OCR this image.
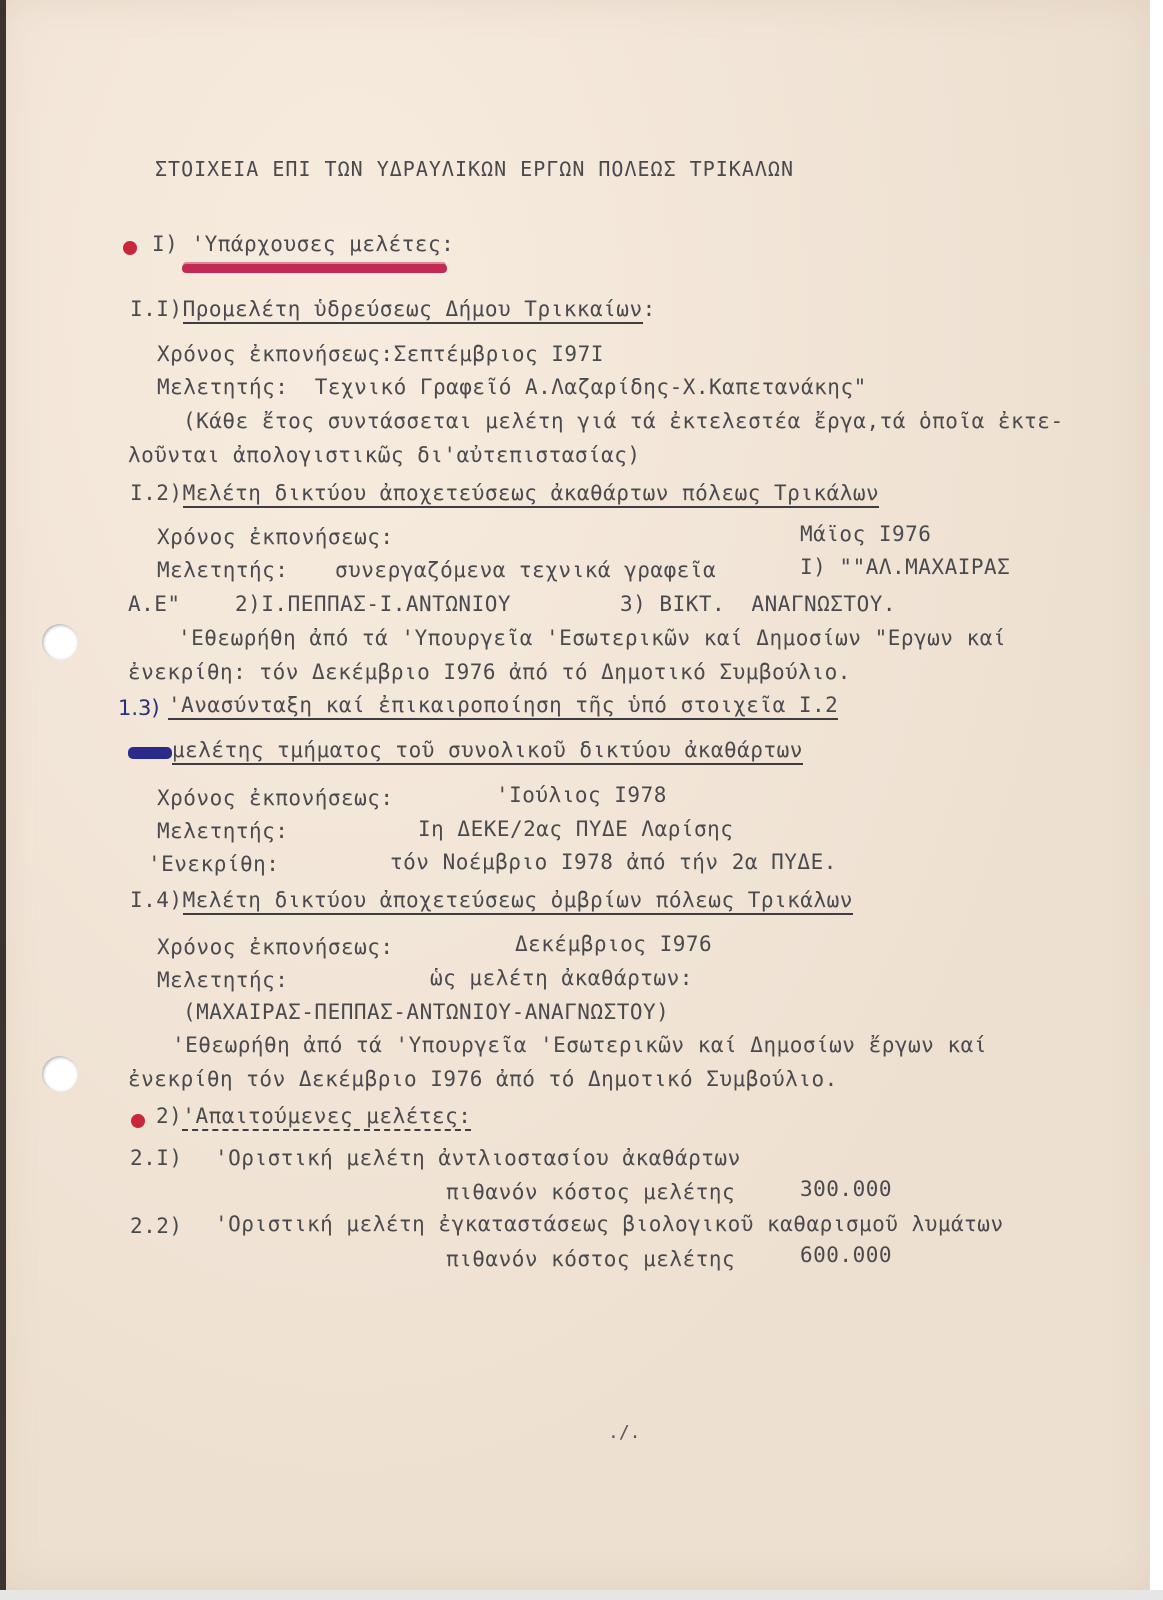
ΣΤΟΙΧΕΙΑ ΕΠΙ ΤΩΝ ΥΔΡΑΥΛΙΚΩΝ ΕΡΓΩΝ ΠΟΛΕΩΣ ΤΡΙΚΑΛΩΝ
I) 'Υπάρχουσες μελέτες:
I.I)Προμελέτη ὑδρεύσεως Δήμου Τρικκαίων:
Χρόνος ἐκπονήσεως:Σεπτέμβριος I97I
Μελετητής:  Τεχνικό Γραφεῖό Α.Λαζαρίδης-Χ.Καπετανάκης"
(Κάθε ἔτος συντάσσεται μελέτη γιά τά ἐκτελεστέα ἔργα,τά ὁποῖα ἐκτε-
λοῦνται ἀπολογιστικῶς δι'αὐτεπιστασίας)
I.2)Μελέτη δικτύου ἀποχετεύσεως ἀκαθάρτων πόλεως Τρικάλων
Χρόνος ἐκπονήσεως:	Μάϊος I976
Μελετητής: συνεργαζόμενα τεχνικά γραφεῖα	I) ""ΑΛ.ΜΑΧΑΙΡΑΣ
Α.Ε"	2)Ι.ΠΕΠΠΑΣ-Ι.ΑΝΤΩΝΙΟΥ	3) ΒΙΚΤ.  ΑΝΑΓΝΩΣΤΟΥ.
'Εθεωρήθη ἀπό τά 'Υπουργεῖα 'Εσωτερικῶν καί Δημοσίων "Εργων καί
ἐνεκρίθη: τόν Δεκέμβριο I976 ἀπό τό Δημοτικό Συμβούλιο.
1.3) 'Ανασύνταξη καί ἐπικαιροποίηση τῆς ὑπό στοιχεῖα Ι.2
μελέτης τμήματος τοῦ συνολικοῦ δικτύου ἀκαθάρτων
Χρόνος ἐκπονήσεως:	'Ιούλιος I978
Μελετητής:	Iη ΔΕΚΕ/2ας ΠΥΔΕ Λαρίσης
'Ενεκρίθη:	τόν Νοέμβριο I978 ἀπό τήν 2α ΠΥΔΕ.
I.4)Μελέτη δικτύου ἀποχετεύσεως ὀμβρίων πόλεως Τρικάλων
Χρόνος ἐκπονήσεως:	Δεκέμβριος I976
Μελετητής:	ὡς μελέτη ἀκαθάρτων:
(ΜΑΧΑΙΡΑΣ-ΠΕΠΠΑΣ-ΑΝΤΩΝΙΟΥ-ΑΝΑΓΝΩΣΤΟΥ)
'Εθεωρήθη ἀπό τά 'Υπουργεῖα 'Εσωτερικῶν καί Δημοσίων ἔργων καί
ἐνεκρίθη τόν Δεκέμβριο I976 ἀπό τό Δημοτικό Συμβούλιο.
2)'Απαιτούμενες μελέτες:
2.I) 'Οριστική μελέτη ἀντλιοστασίου ἀκαθάρτων
πιθανόν κόστος μελέτης	300.000
2.2) 'Οριστική μελέτη ἐγκαταστάσεως βιολογικοῦ καθαρισμοῦ λυμάτων
πιθανόν κόστος μελέτης	600.000
./.
